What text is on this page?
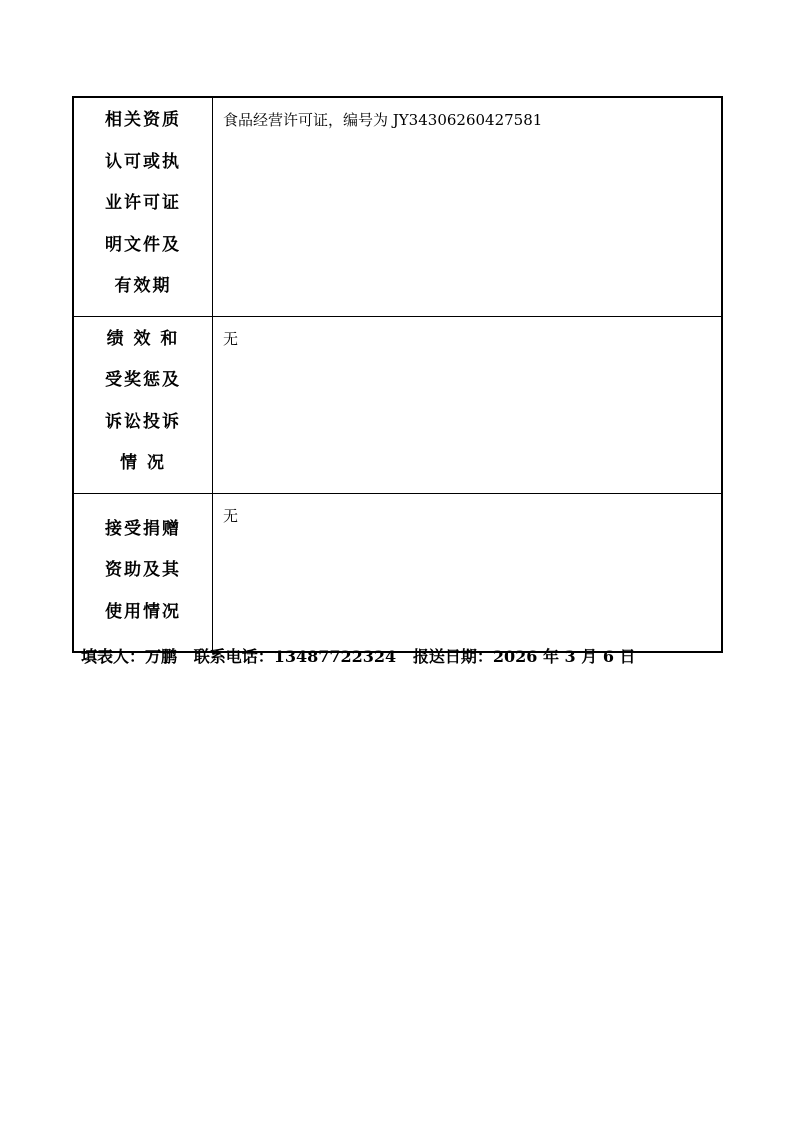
相关资质
认可或执
业许可证
明文件及
有效期	食品经营许可证，编号为 JY34306260427581

绩 效 和
受奖惩及
诉讼投诉
情 况	无

接受捐赠
资助及其
使用情况	无
填表人：万鹏   联系电话：13487722324   报送日期：2026 年 3 月 6 日
